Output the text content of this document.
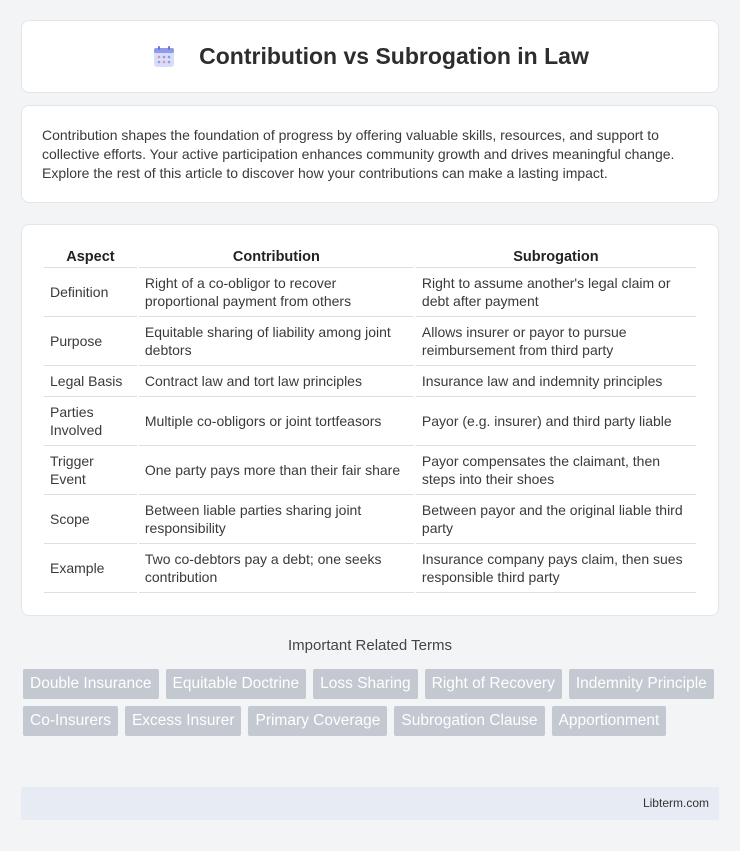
Contribution vs Subrogation in Law

Contribution shapes the foundation of progress by offering valuable skills, resources, and support to collective efforts. Your active participation enhances community growth and drives meaningful change. Explore the rest of this article to discover how your contributions can make a lasting impact.

Aspect	Contribution	Subrogation
Definition	Right of a co-obligor to recover proportional payment from others	Right to assume another's legal claim or debt after payment
Purpose	Equitable sharing of liability among joint debtors	Allows insurer or payor to pursue reimbursement from third party
Legal Basis	Contract law and tort law principles	Insurance law and indemnity principles
Parties Involved	Multiple co-obligors or joint tortfeasors	Payor (e.g. insurer) and third party liable
Trigger Event	One party pays more than their fair share	Payor compensates the claimant, then steps into their shoes
Scope	Between liable parties sharing joint responsibility	Between payor and the original liable third party
Example	Two co-debtors pay a debt; one seeks contribution	Insurance company pays claim, then sues responsible third party
Important Related Terms
Double Insurance	Equitable Doctrine	Loss Sharing	Right of Recovery	Indemnity Principle
Co-Insurers	Excess Insurer	Primary Coverage	Subrogation Clause	Apportionment
Libterm.com
